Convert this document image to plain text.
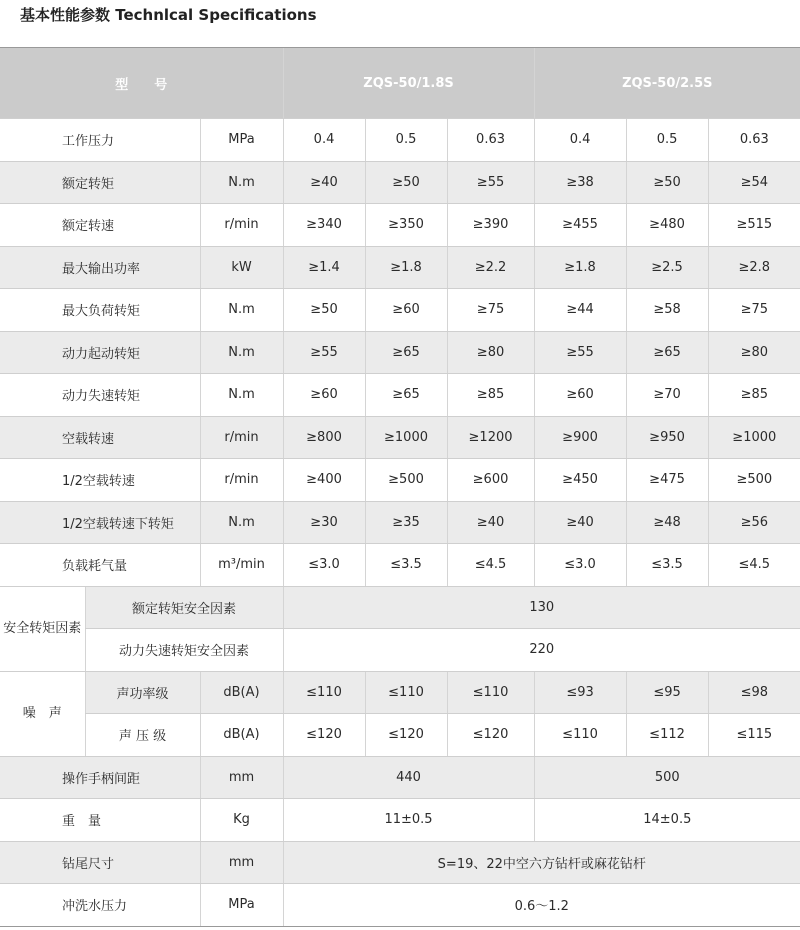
基本性能参数 Technlcal Specifications
型　　号			ZQS-50/1.8S			ZQS-50/2.5S		
工作压力		MPa	0.4	0.5	0.63	0.4	0.5	0.63
额定转矩		N.m	≥40	≥50	≥55	≥38	≥50	≥54
额定转速		r/min	≥340	≥350	≥390	≥455	≥480	≥515
最大输出功率		kW	≥1.4	≥1.8	≥2.2	≥1.8	≥2.5	≥2.8
最大负荷转矩		N.m	≥50	≥60	≥75	≥44	≥58	≥75
动力起动转矩		N.m	≥55	≥65	≥80	≥55	≥65	≥80
动力失速转矩		N.m	≥60	≥65	≥85	≥60	≥70	≥85
空载转速		r/min	≥800	≥1000	≥1200	≥900	≥950	≥1000
1/2空载转速		r/min	≥400	≥500	≥600	≥450	≥475	≥500
1/2空载转速下转矩		N.m	≥30	≥35	≥40	≥40	≥48	≥56
负载耗气量		m³/min	≤3.0	≤3.5	≤4.5	≤3.0	≤3.5	≤4.5
安全转矩因素	额定转矩安全因素		130					
	动力失速转矩安全因素		220					
噪　声	声功率级	dB(A)	≤110	≤110	≤110	≤93	≤95	≤98
	声 压 级	dB(A)	≤120	≤120	≤120	≤110	≤112	≤115
操作手柄间距		mm	440			500		
重　量		Kg	11±0.5			14±0.5		
钻尾尺寸		mm	S=19、22中空六方钻杆或麻花钻杆					
冲洗水压力		MPa	0.6～1.2					
